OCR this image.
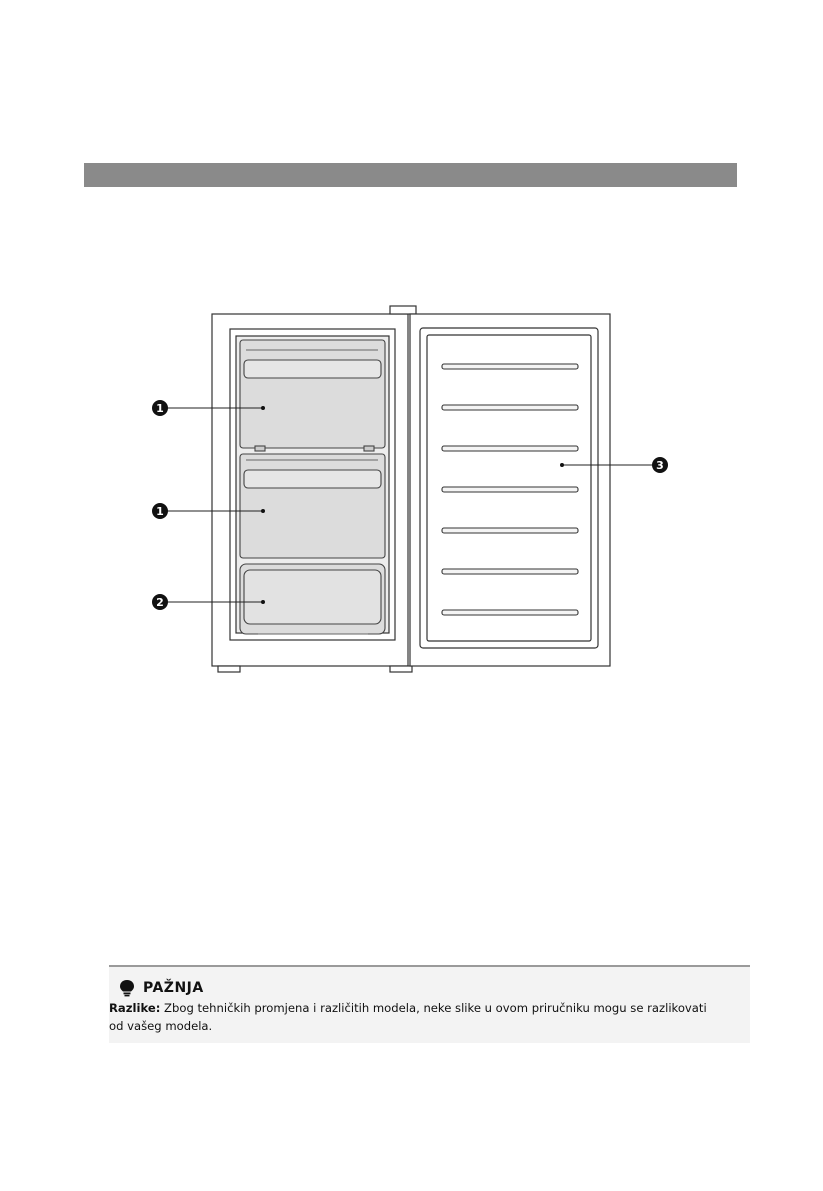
1
1
2
3
PAŽNJA
Razlike: Zbog tehničkih promjena i različitih modela, neke slike u ovom priručniku mogu se razlikovati
od vašeg modela.
